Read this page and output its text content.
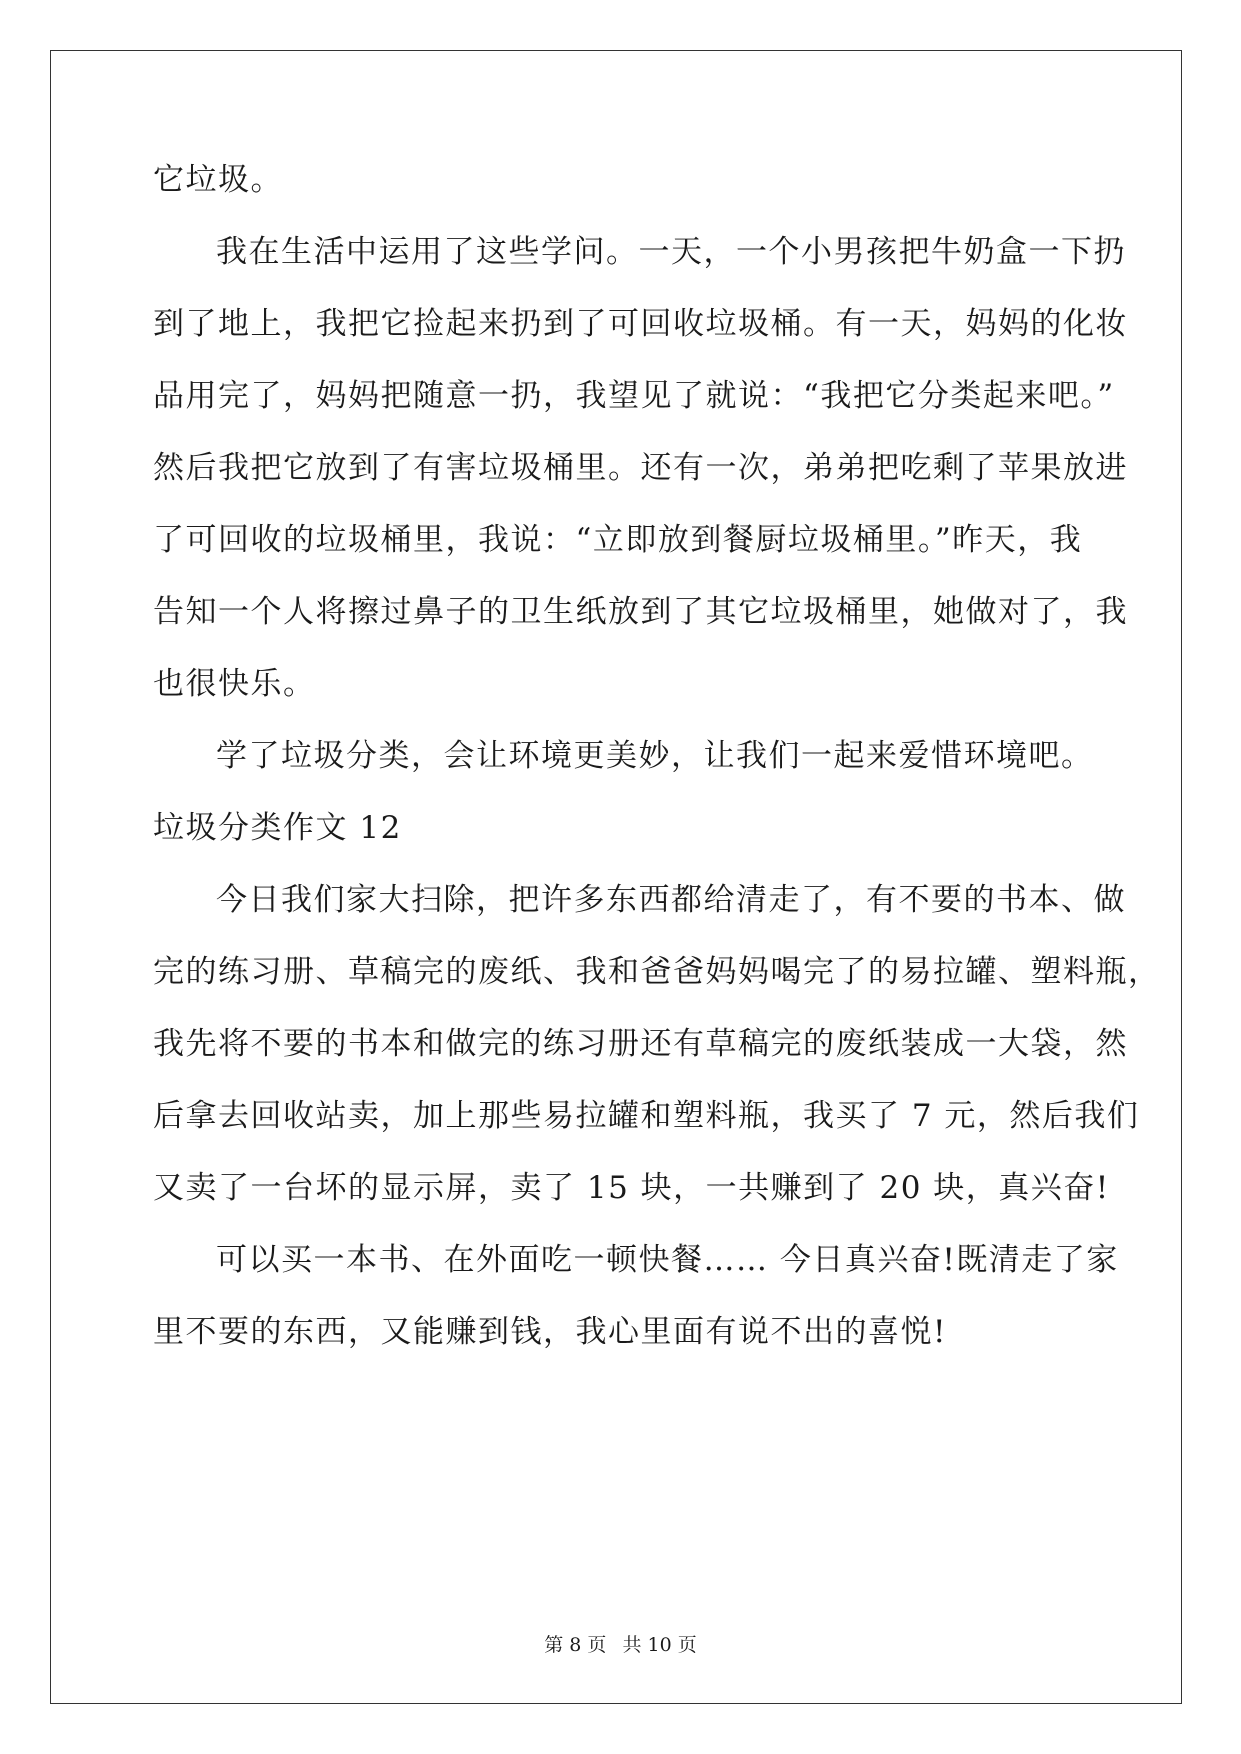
它垃圾。
我在生活中运用了这些学问。一天，一个小男孩把牛奶盒一下扔
到了地上，我把它捡起来扔到了可回收垃圾桶。有一天，妈妈的化妆
品用完了，妈妈把随意一扔，我望见了就说：“我把它分类起来吧。”
然后我把它放到了有害垃圾桶里。还有一次，弟弟把吃剩了苹果放进
了可回收的垃圾桶里，我说：“立即放到餐厨垃圾桶里。”昨天，我
告知一个人将擦过鼻子的卫生纸放到了其它垃圾桶里，她做对了，我
也很快乐。
学了垃圾分类，会让环境更美妙，让我们一起来爱惜环境吧。
垃圾分类作文 12
今日我们家大扫除，把许多东西都给清走了，有不要的书本、做
完的练习册、草稿完的废纸、我和爸爸妈妈喝完了的易拉罐、塑料瓶，
我先将不要的书本和做完的练习册还有草稿完的废纸装成一大袋，然
后拿去回收站卖，加上那些易拉罐和塑料瓶，我买了 7 元，然后我们
又卖了一台坏的显示屏，卖了 15 块，一共赚到了 20 块，真兴奋!
可以买一本书、在外面吃一顿快餐…… 今日真兴奋!既清走了家
里不要的东西，又能赚到钱，我心里面有说不出的喜悦!
第 8 页 共 10 页
